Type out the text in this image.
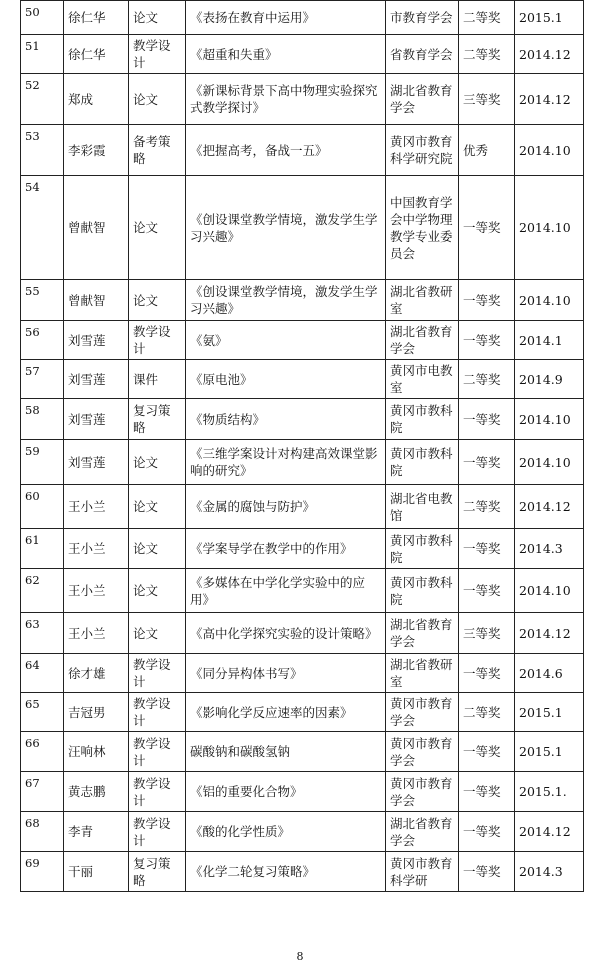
50	徐仁华	论文	《表扬在教育中运用》	市教育学会	二等奖	2015.1
51	徐仁华	教学设计	《超重和失重》	省教育学会	二等奖	2014.12
52	郑成	论文	《新课标背景下高中物理实验探究式教学探讨》	湖北省教育学会	三等奖	2014.12
53	李彩霞	备考策略	《把握高考，备战一五》	黄冈市教育科学研究院	优秀	2014.10
54	曾献智	论文	《创设课堂教学情境，激发学生学习兴趣》	中国教育学会中学物理教学专业委员会	一等奖	2014.10
55	曾献智	论文	《创设课堂教学情境，激发学生学习兴趣》	湖北省教研室	一等奖	2014.10
56	刘雪莲	教学设计	《氨》	湖北省教育学会	一等奖	2014.1
57	刘雪莲	课件	《原电池》	黄冈市电教室	二等奖	2014.9
58	刘雪莲	复习策略	《物质结构》	黄冈市教科院	一等奖	2014.10
59	刘雪莲	论文	《三维学案设计对构建高效课堂影响的研究》	黄冈市教科院	一等奖	2014.10
60	王小兰	论文	《金属的腐蚀与防护》	湖北省电教馆	二等奖	2014.12
61	王小兰	论文	《学案导学在教学中的作用》	黄冈市教科院	一等奖	2014.3
62	王小兰	论文	《多媒体在中学化学实验中的应用》	黄冈市教科院	一等奖	2014.10
63	王小兰	论文	《高中化学探究实验的设计策略》	湖北省教育学会	三等奖	2014.12
64	徐才雄	教学设计	《同分异构体书写》	湖北省教研室	一等奖	2014.6
65	吉冠男	教学设计	《影响化学反应速率的因素》	黄冈市教育学会	二等奖	2015.1
66	汪响林	教学设计	碳酸钠和碳酸氢钠	黄冈市教育学会	一等奖	2015.1
67	黄志鹏	教学设计	《铝的重要化合物》	黄冈市教育学会	一等奖	2015.1.
68	李青	教学设计	《酸的化学性质》	湖北省教育学会	一等奖	2014.12
69	干丽	复习策略	《化学二轮复习策略》	黄冈市教育科学研	一等奖	2014.3
8
